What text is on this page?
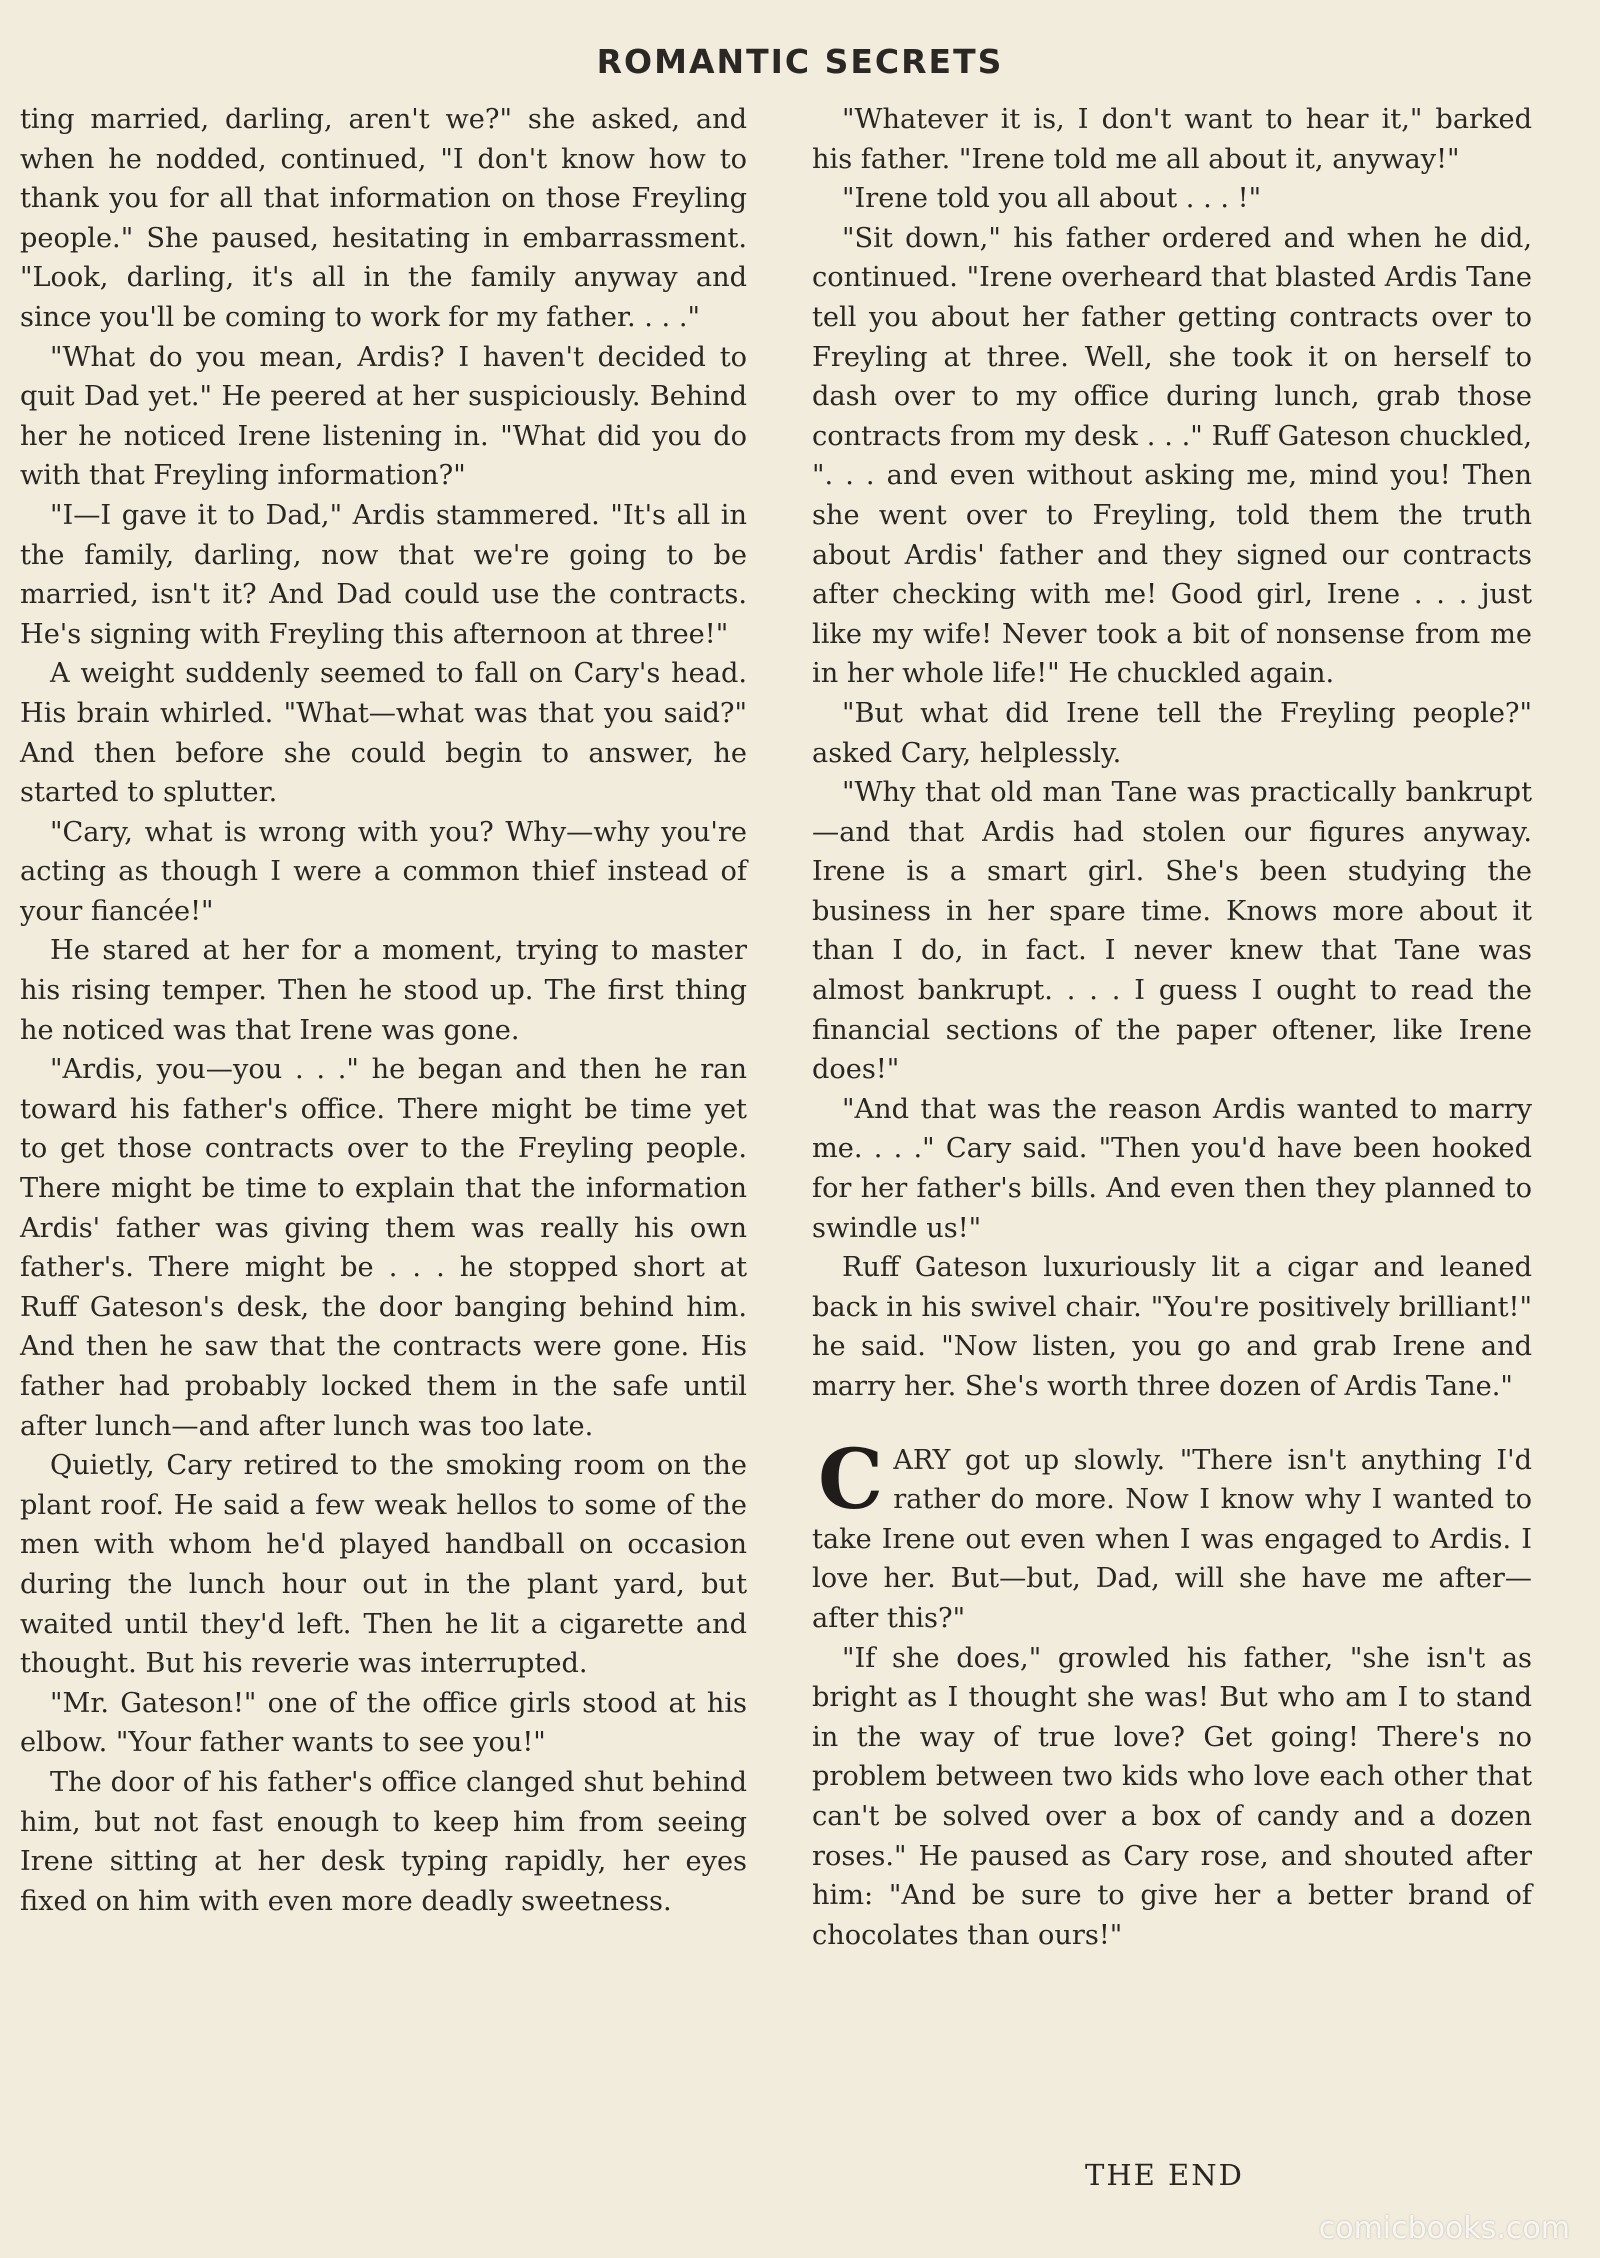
ROMANTIC SECRETS

ting married, darling, aren't we?" she asked, and when he nodded, continued, "I don't know how to thank you for all that information on those Freyling people." She paused, hesitating in embarrassment. "Look, darling, it's all in the family anyway and since you'll be coming to work for my father. . . ."

"What do you mean, Ardis? I haven't decided to quit Dad yet." He peered at her suspiciously. Behind her he noticed Irene listening in. "What did you do with that Freyling information?"

"I—I gave it to Dad," Ardis stammered. "It's all in the family, darling, now that we're going to be married, isn't it? And Dad could use the contracts. He's signing with Freyling this afternoon at three!"

A weight suddenly seemed to fall on Cary's head. His brain whirled. "What—what was that you said?" And then before she could begin to answer, he started to splutter.

"Cary, what is wrong with you? Why—why you're acting as though I were a common thief instead of your fiancée!"

He stared at her for a moment, trying to master his rising temper. Then he stood up. The first thing he noticed was that Irene was gone.

"Ardis, you—you . . ." he began and then he ran toward his father's office. There might be time yet to get those contracts over to the Freyling people. There might be time to explain that the information Ardis' father was giving them was really his own father's. There might be . . . he stopped short at Ruff Gateson's desk, the door banging behind him. And then he saw that the contracts were gone. His father had probably locked them in the safe until after lunch—and after lunch was too late.

Quietly, Cary retired to the smoking room on the plant roof. He said a few weak hellos to some of the men with whom he'd played handball on occasion during the lunch hour out in the plant yard, but waited until they'd left. Then he lit a cigarette and thought. But his reverie was interrupted.

"Mr. Gateson!" one of the office girls stood at his elbow. "Your father wants to see you!"

The door of his father's office clanged shut behind him, but not fast enough to keep him from seeing Irene sitting at her desk typing rapidly, her eyes fixed on him with even more deadly sweetness.

"Whatever it is, I don't want to hear it," barked his father. "Irene told me all about it, anyway!"

"Irene told you all about . . . !"

"Sit down," his father ordered and when he did, continued. "Irene overheard that blasted Ardis Tane tell you about her father getting contracts over to Freyling at three. Well, she took it on herself to dash over to my office during lunch, grab those contracts from my desk . . ." Ruff Gateson chuckled, ". . . and even without asking me, mind you! Then she went over to Freyling, told them the truth about Ardis' father and they signed our contracts after checking with me! Good girl, Irene . . . just like my wife! Never took a bit of nonsense from me in her whole life!" He chuckled again.

"But what did Irene tell the Freyling people?" asked Cary, helplessly.

"Why that old man Tane was practically bankrupt—and that Ardis had stolen our figures anyway. Irene is a smart girl. She's been studying the business in her spare time. Knows more about it than I do, in fact. I never knew that Tane was almost bankrupt. . . . I guess I ought to read the financial sections of the paper oftener, like Irene does!"

"And that was the reason Ardis wanted to marry me. . . ." Cary said. "Then you'd have been hooked for her father's bills. And even then they planned to swindle us!"

Ruff Gateson luxuriously lit a cigar and leaned back in his swivel chair. "You're positively brilliant!" he said. "Now listen, you go and grab Irene and marry her. She's worth three dozen of Ardis Tane."

CARY got up slowly. "There isn't anything I'd rather do more. Now I know why I wanted to take Irene out even when I was engaged to Ardis. I love her. But—but, Dad, will she have me after—after this?"

"If she does," growled his father, "she isn't as bright as I thought she was! But who am I to stand in the way of true love? Get going! There's no problem between two kids who love each other that can't be solved over a box of candy and a dozen roses." He paused as Cary rose, and shouted after him: "And be sure to give her a better brand of chocolates than ours!"

THE END
comicbooks.com
